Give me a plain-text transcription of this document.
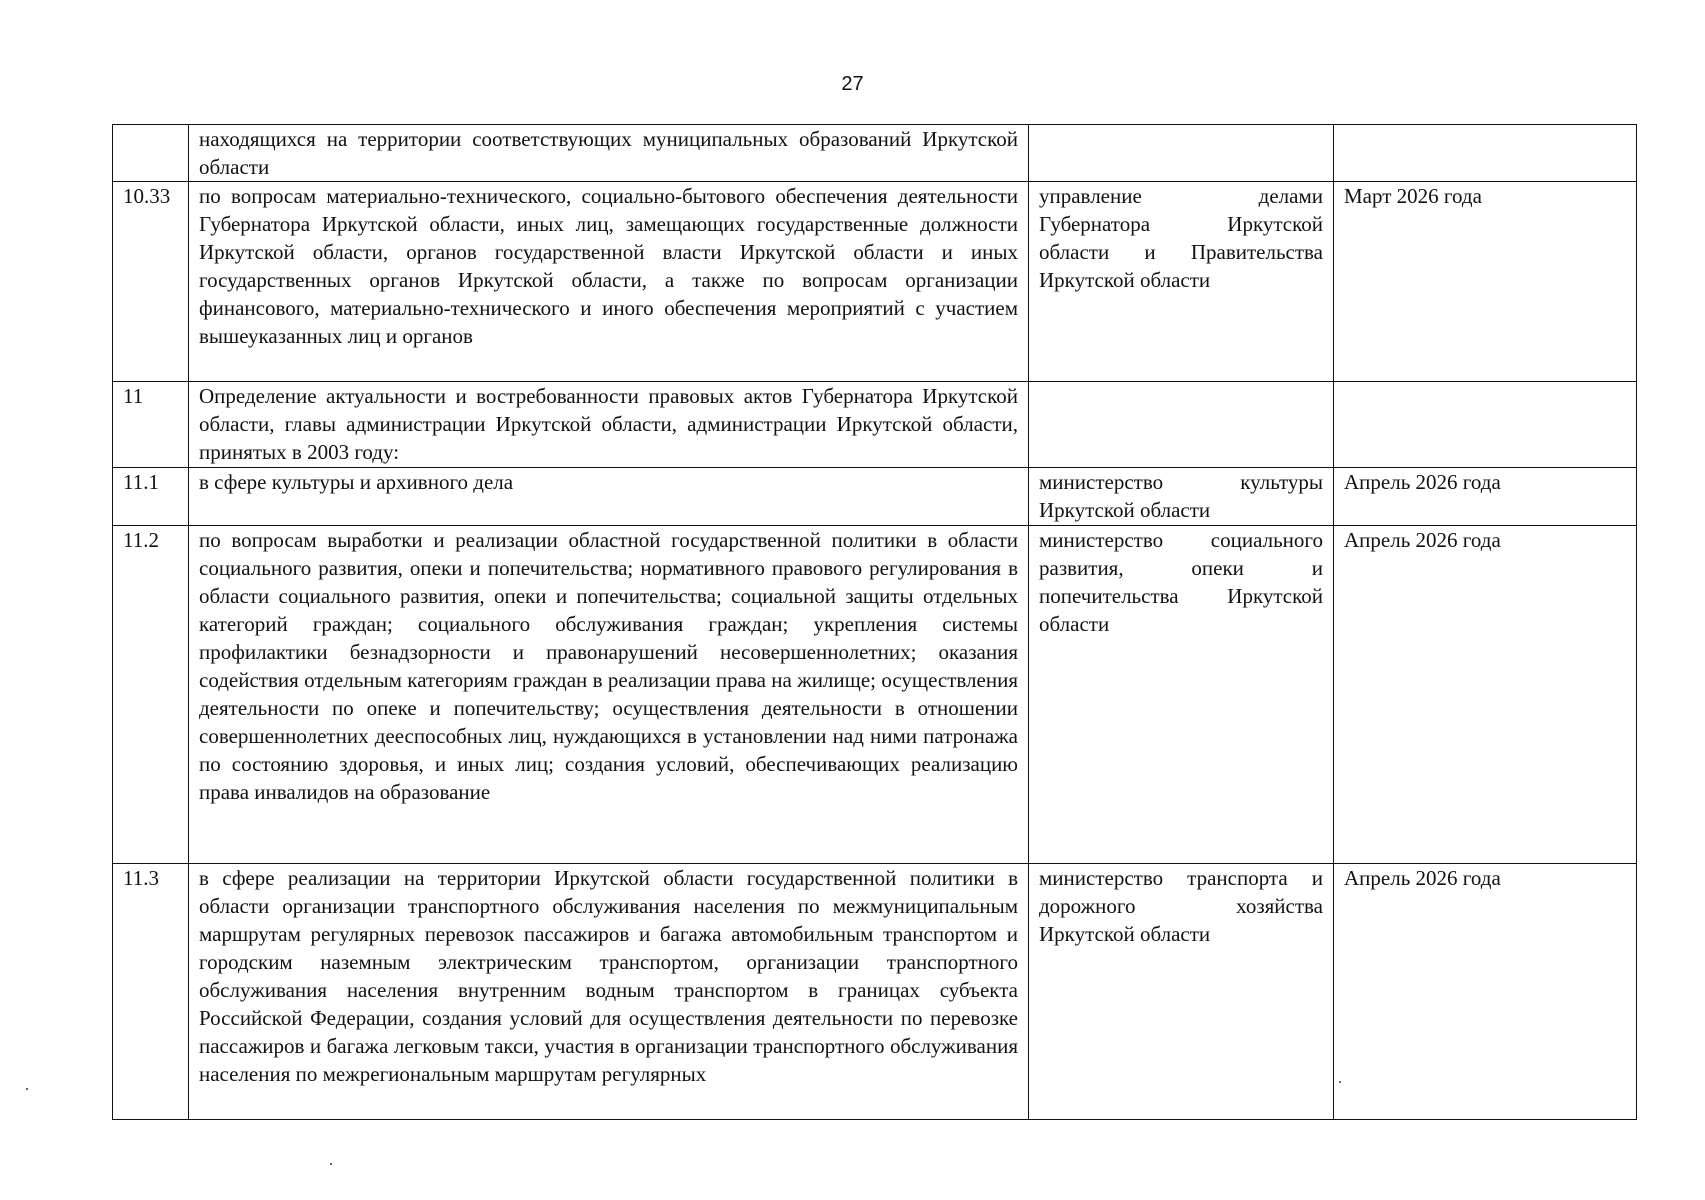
27
	находящихся на территории соответствующих муниципальных образований Иркутской области		
10.33	по вопросам материально-технического, социально-бытового обеспечения деятельности Губернатора Иркутской области, иных лиц, замещающих государственные должности Иркутской области, органов государственной власти Иркутской области и иных государственных органов Иркутской области, а также по вопросам организации финансового, материально-технического и иного обеспечения мероприятий с участием вышеуказанных лиц и органов	управление делами Губернатора Иркутской области и Правительства Иркутской области	Март 2026 года
11	Определение актуальности и востребованности правовых актов Губернатора Иркутской области, главы администрации Иркутской области, администрации Иркутской области, принятых в 2003 году:		
11.1	в сфере культуры и архивного дела	министерство культуры Иркутской области	Апрель 2026 года
11.2	по вопросам выработки и реализации областной государственной политики в области социального развития, опеки и попечительства; нормативного правового регулирования в области социального развития, опеки и попечительства; социальной защиты отдельных категорий граждан; социального обслуживания граждан; укрепления системы профилактики безнадзорности и правонарушений несовершеннолетних; оказания содействия отдельным категориям граждан в реализации права на жилище; осуществления деятельности по опеке и попечительству; осуществления деятельности в отношении совершеннолетних дееспособных лиц, нуждающихся в установлении над ними патронажа по состоянию здоровья, и иных лиц; создания условий, обеспечивающих реализацию права инвалидов на образование	министерство социального развития, опеки и попечительства Иркутской области	Апрель 2026 года
11.3	в сфере реализации на территории Иркутской области государственной политики в области организации транспортного обслуживания населения по межмуниципальным маршрутам регулярных перевозок пассажиров и багажа автомобильным транспортом и городским наземным электрическим транспортом, организации транспортного обслуживания населения внутренним водным транспортом в границах субъекта Российской Федерации, создания условий для осуществления деятельности по перевозке пассажиров и багажа легковым такси, участия в организации транспортного обслуживания населения по межрегиональным маршрутам регулярных	министерство транспорта и дорожного хозяйства Иркутской области	Апрель 2026 года
